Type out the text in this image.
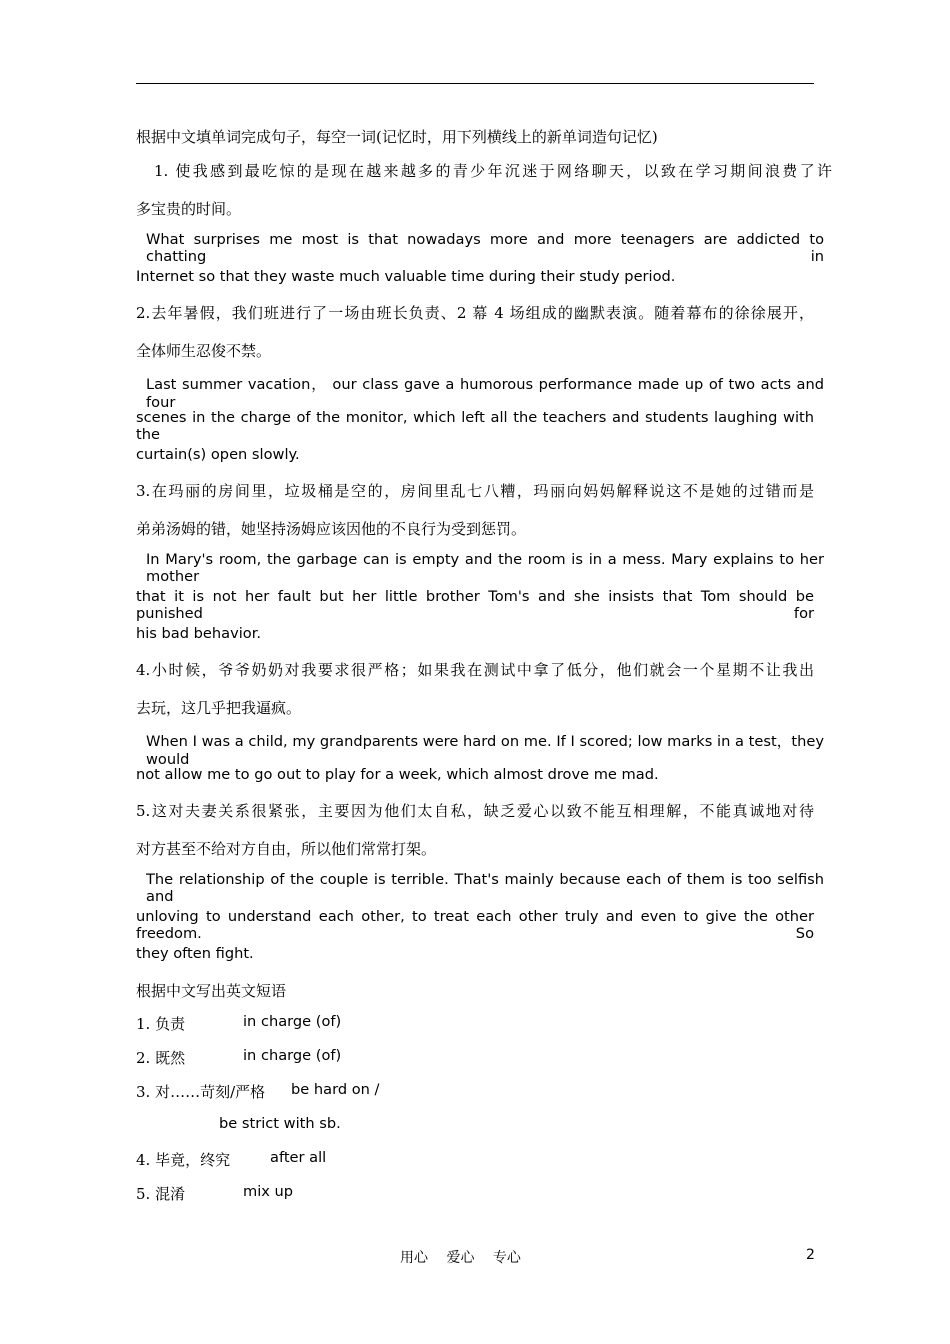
根据中文填单词完成句子，每空一词(记忆时，用下列横线上的新单词造句记忆)
1. 使我感到最吃惊的是现在越来越多的青少年沉迷于网络聊天，以致在学习期间浪费了许
多宝贵的时间。
What surprises me most is that nowadays more and more teenagers are addicted to chatting in
Internet so that they waste much valuable time during their study period.
2.去年暑假，我们班进行了一场由班长负责、2 幕 4 场组成的幽默表演。随着幕布的徐徐展开，
全体师生忍俊不禁。
Last summer vacation， our class gave a humorous performance made up of two acts and four
scenes in the charge of the monitor, which left all the teachers and students laughing with the
curtain(s) open slowly.
3.在玛丽的房间里，垃圾桶是空的，房间里乱七八糟，玛丽向妈妈解释说这不是她的过错而是
弟弟汤姆的错，她坚持汤姆应该因他的不良行为受到惩罚。
In Mary's room, the garbage can is empty and the room is in a mess. Mary explains to her mother
that it is not her fault but her little brother Tom's and she insists that Tom should be punished for
his bad behavior.
4.小时候，爷爷奶奶对我要求很严格；如果我在测试中拿了低分，他们就会一个星期不让我出
去玩，这几乎把我逼疯。
When I was a child, my grandparents were hard on me. If I scored; low marks in a test，they would
not allow me to go out to play for a week, which almost drove me mad.
5.这对夫妻关系很紧张，主要因为他们太自私，缺乏爱心以致不能互相理解，不能真诚地对待
对方甚至不给对方自由，所以他们常常打架。
The relationship of the couple is terrible. That's mainly because each of them is too selfish and
unloving to understand each other, to treat each other truly and even to give the other freedom. So
they often fight.
根据中文写出英文短语
1. 负责	in charge (of)
2. 既然	in charge (of)
3. 对……苛刻/严格 be hard on /
be strict with sb.
4. 毕竟，终究	after all
5. 混淆	mix up
用心 爱心 专心	2
